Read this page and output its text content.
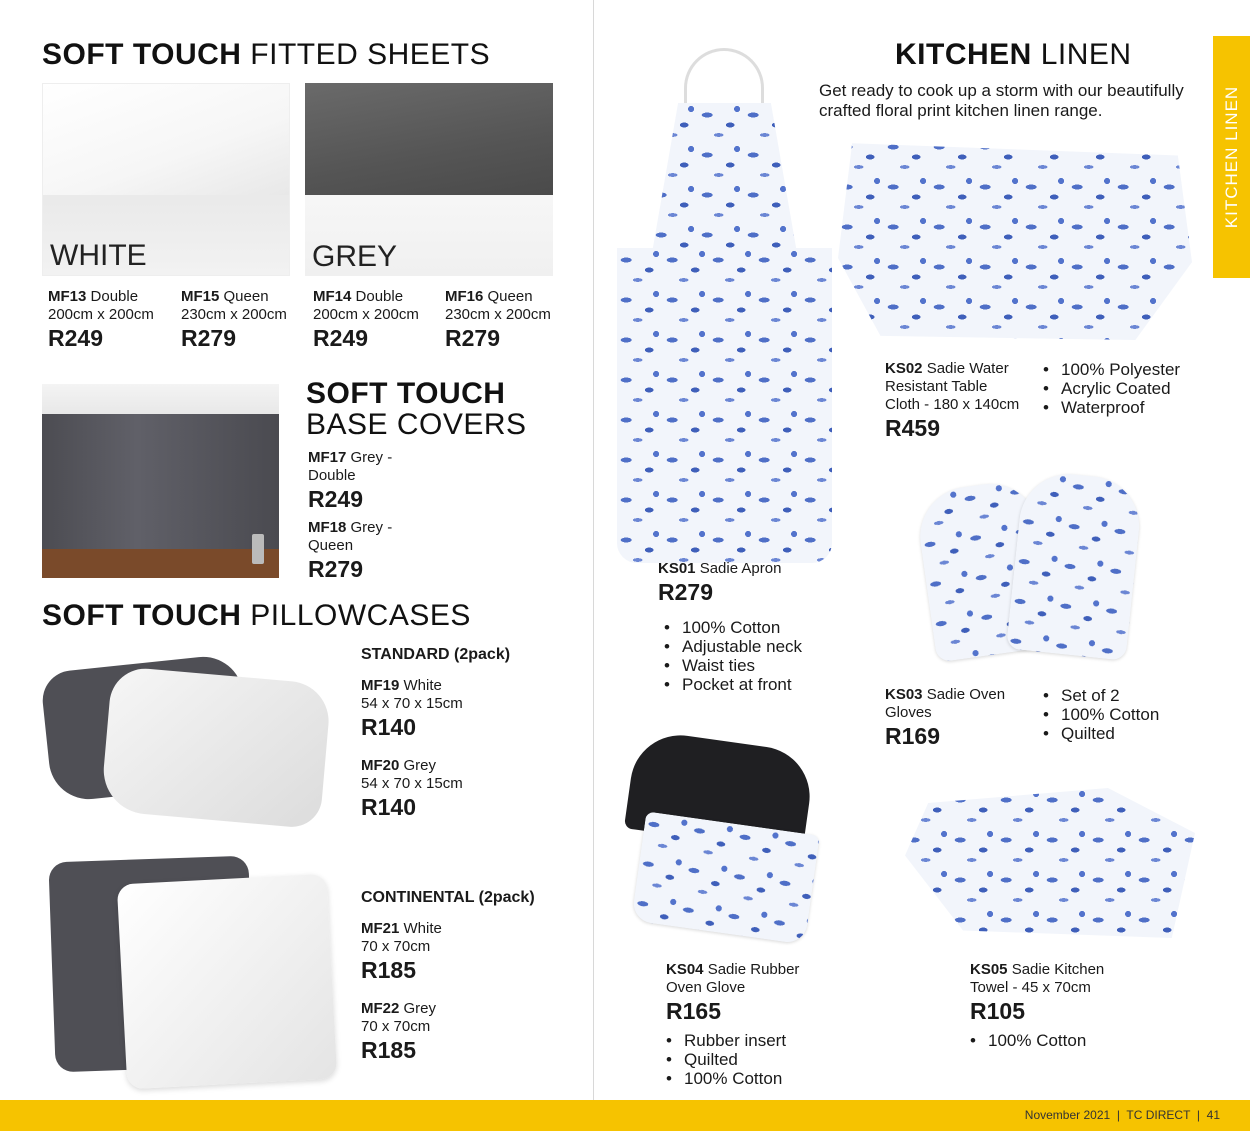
SOFT TOUCH FITTED SHEETS
WHITE	GREY
MF13 Double
200cm x 200cm
R249
MF15 Queen
230cm x 200cm
R279
MF14 Double
200cm x 200cm
R249
MF16 Queen
230cm x 200cm
R279
SOFT TOUCH
BASE COVERS
MF17 Grey -
Double
R249
MF18 Grey -
Queen
R279
SOFT TOUCH PILLOWCASES
STANDARD (2pack)
MF19 White
54 x 70 x 15cm
R140
MF20 Grey
54 x 70 x 15cm
R140
CONTINENTAL (2pack)
MF21 White
70 x 70cm
R185
MF22 Grey
70 x 70cm
R185
KITCHEN LINEN
Get ready to cook up a storm with our beautifully
crafted floral print kitchen linen range.	KITCHEN LINEN
KS02 Sadie Water
Resistant Table
Cloth - 180 x 140cm
R459
• 100% Polyester
• Acrylic Coated
• Waterproof
KS01 Sadie Apron
R279
• 100% Cotton
• Adjustable neck
• Waist ties
• Pocket at front
KS03 Sadie Oven
Gloves
R169
• Set of 2
• 100% Cotton
• Quilted
KS04 Sadie Rubber
Oven Glove
R165
• Rubber insert
• Quilted
• 100% Cotton
KS05 Sadie Kitchen
Towel - 45 x 70cm
R105
• 100% Cotton
November 2021  |  TC DIRECT  |  41
